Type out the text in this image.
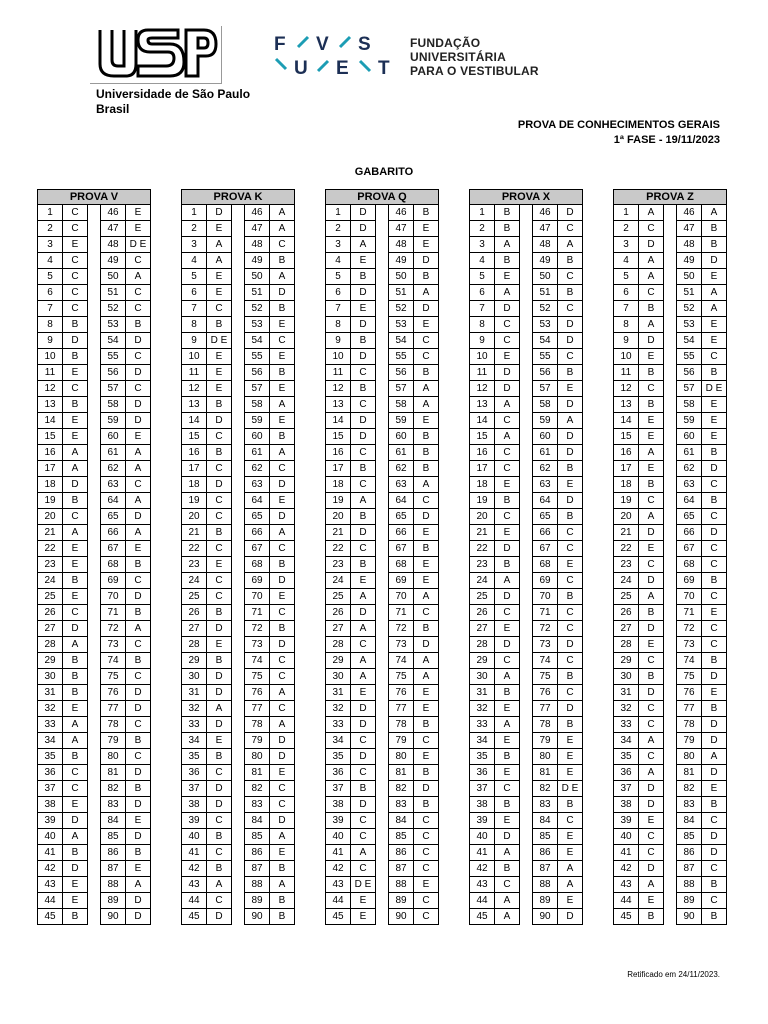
Universidade de São Paulo
Brasil
F V S
U E T
FUNDAÇÃO
UNIVERSITÁRIA
PARA O VESTIBULAR
PROVA DE CONHECIMENTOS GERAIS
1ª FASE - 19/11/2023
GABARITO
PROVA V				
1	C		46	E
2	C		47	E
3	E		48	D E
4	C		49	C
5	C		50	A
6	C		51	C
7	C		52	C
8	B		53	B
9	D		54	D
10	B		55	C
11	E		56	D
12	C		57	C
13	B		58	D
14	E		59	D
15	E		60	E
16	A		61	A
17	A		62	A
18	D		63	C
19	B		64	A
20	C		65	D
21	A		66	A
22	E		67	E
23	E		68	B
24	B		69	C
25	E		70	D
26	C		71	B
27	D		72	A
28	A		73	C
29	B		74	B
30	B		75	C
31	B		76	D
32	E		77	D
33	A		78	C
34	A		79	B
35	B		80	C
36	C		81	D
37	C		82	B
38	E		83	D
39	D		84	E
40	A		85	D
41	B		86	B
42	D		87	E
43	E		88	A
44	E		89	D
45	B		90	D
PROVA K				
1	D		46	A
2	E		47	A
3	A		48	C
4	A		49	B
5	E		50	A
6	E		51	D
7	C		52	B
8	B		53	E
9	D E		54	C
10	E		55	E
11	E		56	B
12	E		57	E
13	B		58	A
14	D		59	E
15	C		60	B
16	B		61	A
17	C		62	C
18	D		63	D
19	C		64	E
20	C		65	D
21	B		66	A
22	C		67	C
23	E		68	B
24	C		69	D
25	C		70	E
26	B		71	C
27	D		72	B
28	E		73	D
29	B		74	C
30	D		75	C
31	D		76	A
32	A		77	C
33	D		78	A
34	E		79	D
35	B		80	D
36	C		81	E
37	D		82	C
38	D		83	C
39	C		84	D
40	B		85	A
41	C		86	E
42	B		87	B
43	A		88	A
44	C		89	B
45	D		90	B
PROVA Q				
1	D		46	B
2	D		47	E
3	A		48	E
4	E		49	D
5	B		50	B
6	D		51	A
7	E		52	D
8	D		53	E
9	B		54	C
10	D		55	C
11	C		56	B
12	B		57	A
13	C		58	A
14	D		59	E
15	D		60	B
16	C		61	B
17	B		62	B
18	C		63	A
19	A		64	C
20	B		65	D
21	D		66	E
22	C		67	B
23	B		68	E
24	E		69	E
25	A		70	A
26	D		71	C
27	A		72	B
28	C		73	D
29	A		74	A
30	A		75	A
31	E		76	E
32	D		77	E
33	D		78	B
34	C		79	C
35	D		80	E
36	C		81	B
37	B		82	D
38	D		83	B
39	C		84	C
40	C		85	C
41	A		86	C
42	C		87	C
43	D E		88	E
44	E		89	C
45	E		90	C
PROVA X				
1	B		46	D
2	B		47	C
3	A		48	A
4	B		49	B
5	E		50	C
6	A		51	B
7	D		52	C
8	C		53	D
9	C		54	D
10	E		55	C
11	D		56	B
12	D		57	E
13	A		58	D
14	C		59	A
15	A		60	D
16	C		61	D
17	C		62	B
18	E		63	E
19	B		64	D
20	C		65	B
21	E		66	C
22	D		67	C
23	B		68	E
24	A		69	C
25	D		70	B
26	C		71	C
27	E		72	C
28	D		73	D
29	C		74	C
30	A		75	B
31	B		76	C
32	E		77	D
33	A		78	B
34	E		79	E
35	B		80	E
36	E		81	E
37	C		82	D E
38	B		83	B
39	E		84	C
40	D		85	E
41	A		86	E
42	B		87	A
43	C		88	A
44	A		89	E
45	A		90	D
PROVA Z				
1	A		46	A
2	C		47	B
3	D		48	B
4	A		49	D
5	A		50	E
6	C		51	A
7	B		52	A
8	A		53	E
9	D		54	E
10	E		55	C
11	B		56	B
12	C		57	D E
13	B		58	E
14	E		59	E
15	E		60	E
16	A		61	B
17	E		62	D
18	B		63	C
19	C		64	B
20	A		65	C
21	D		66	D
22	E		67	C
23	C		68	C
24	D		69	B
25	A		70	C
26	B		71	E
27	D		72	C
28	E		73	C
29	C		74	B
30	B		75	D
31	D		76	E
32	C		77	B
33	C		78	D
34	A		79	D
35	C		80	A
36	A		81	D
37	D		82	E
38	D		83	B
39	E		84	C
40	C		85	D
41	C		86	D
42	D		87	C
43	A		88	B
44	E		89	C
45	B		90	B
Retificado em 24/11/2023.
